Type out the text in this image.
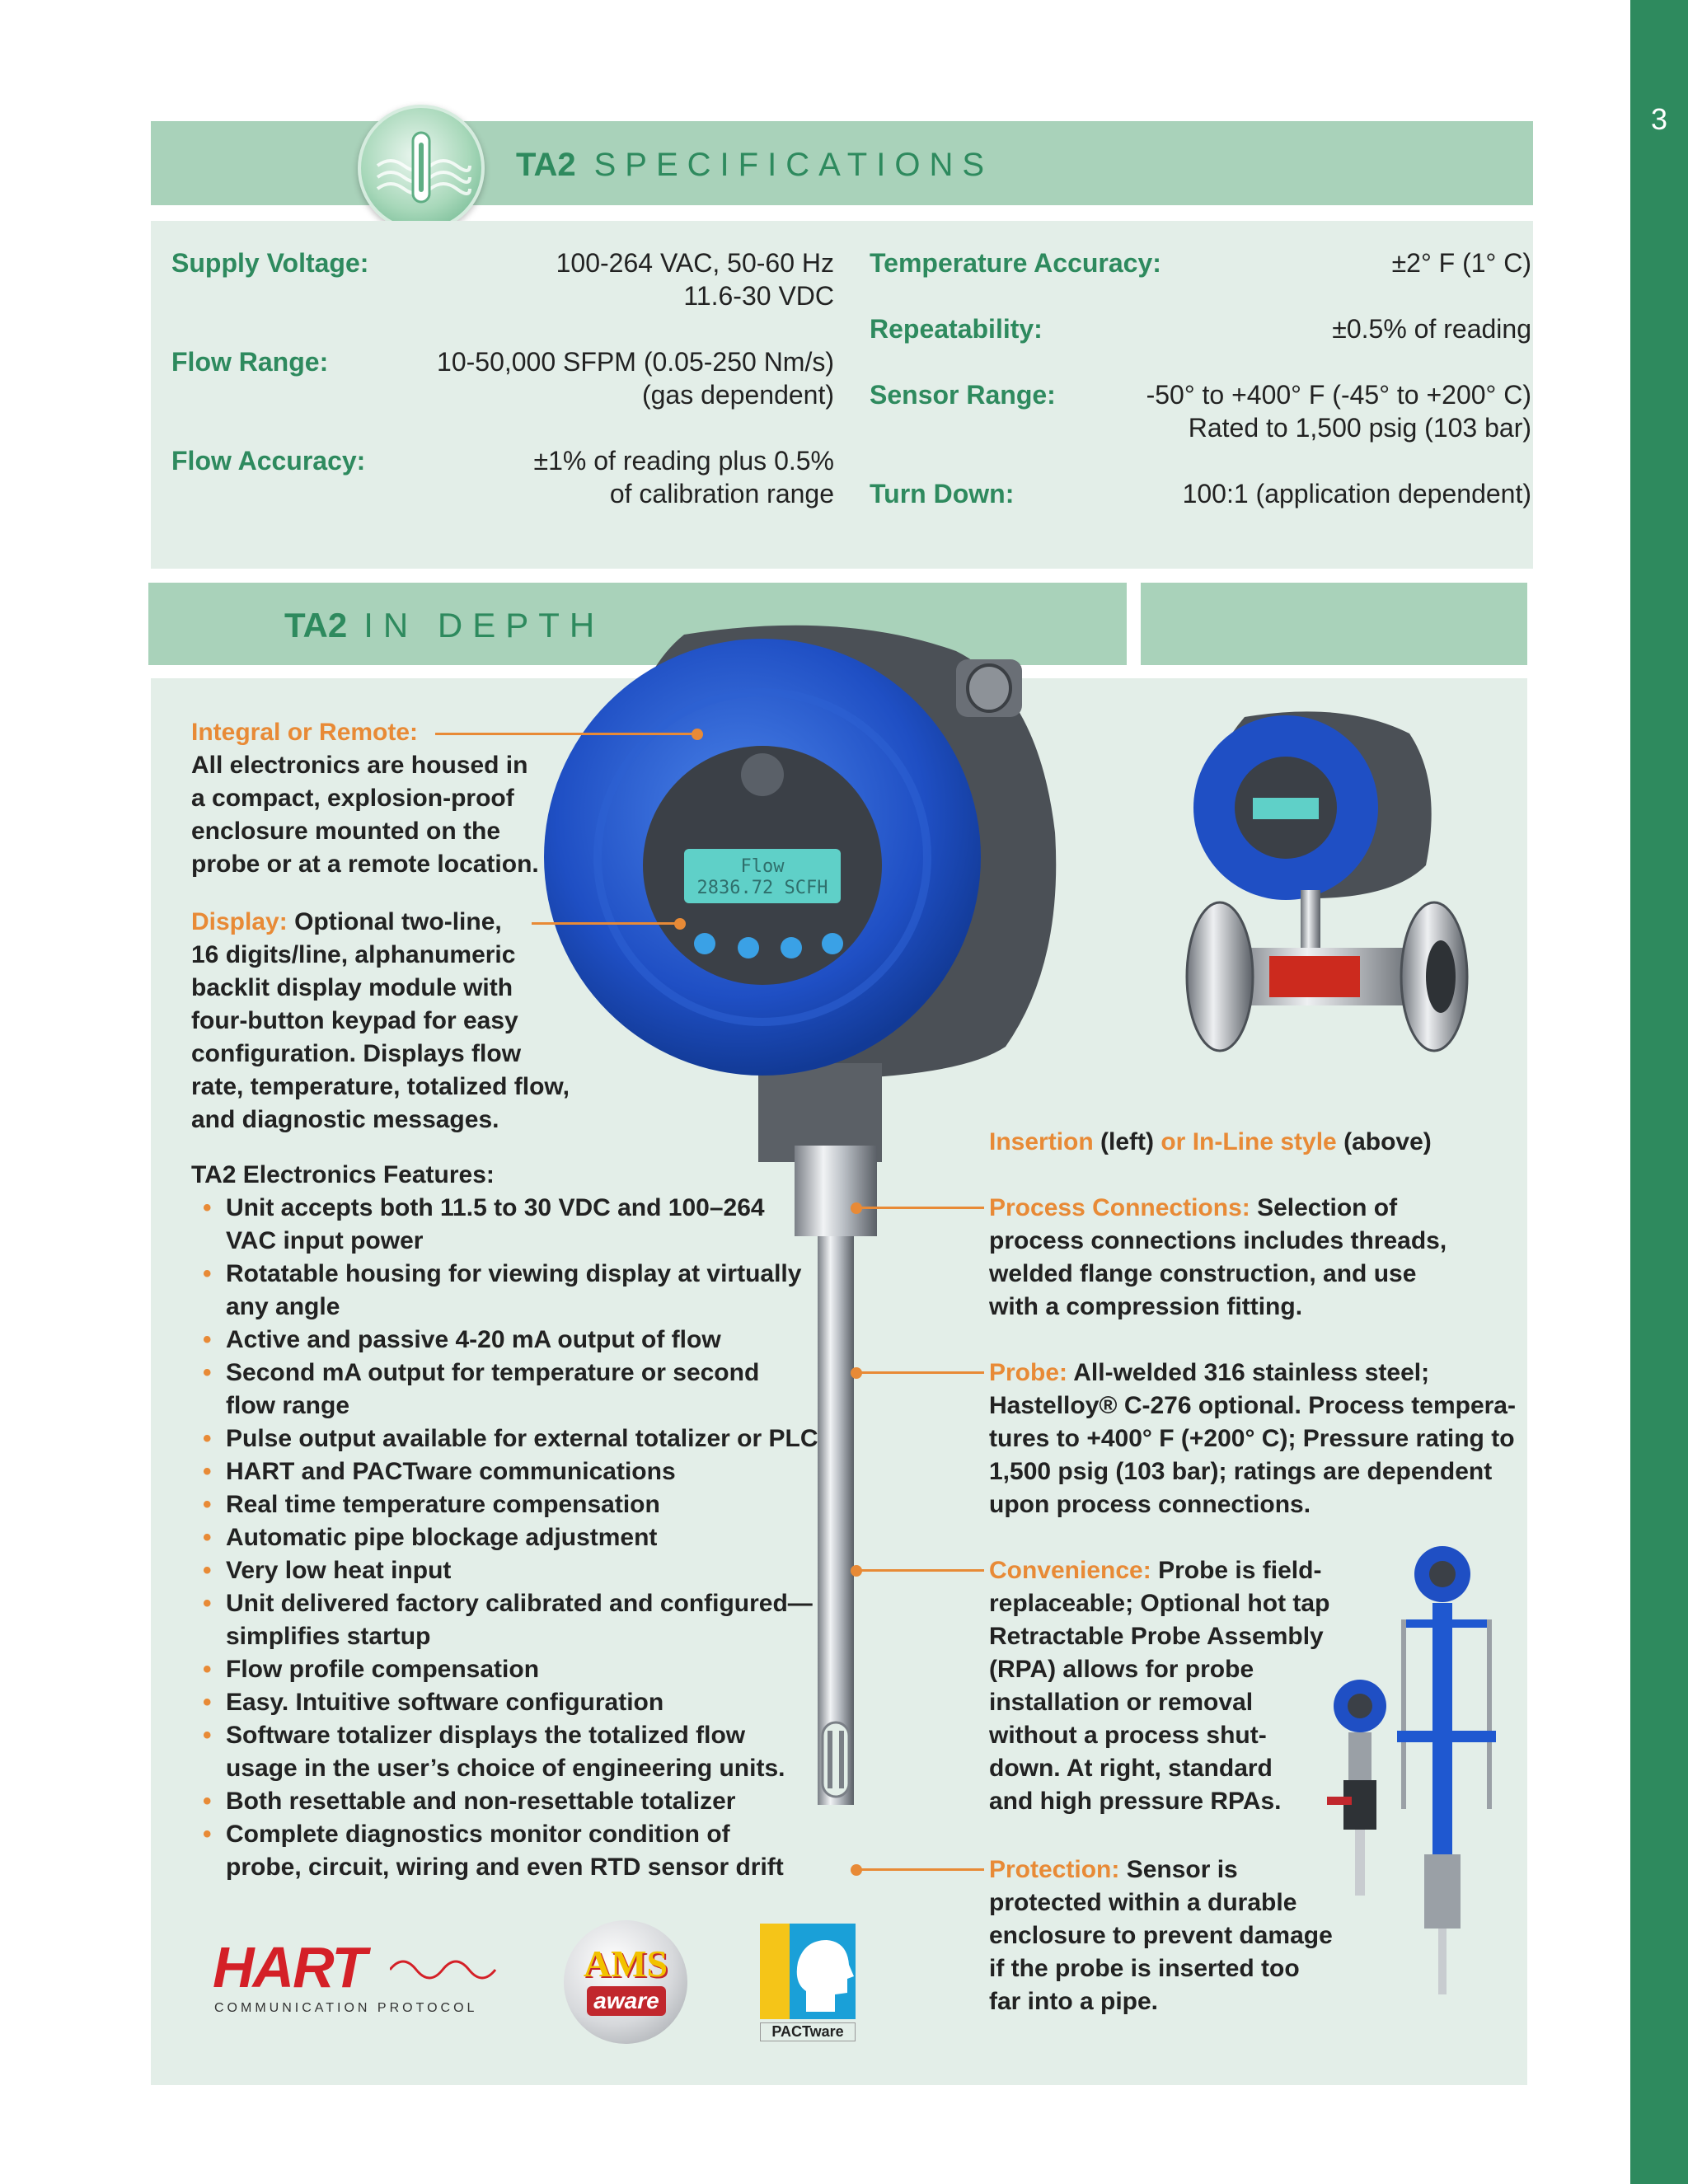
3
TA2 SPECIFICATIONS
Supply Voltage:	100-264 VAC, 50-60 Hz
11.6-30 VDC
Flow Range:	10-50,000 SFPM (0.05-250 Nm/s)
(gas dependent)
Flow Accuracy:	±1% of reading plus 0.5%
of calibration range
Temperature Accuracy:	±2° F (1° C)
Repeatability:	±0.5% of reading
Sensor Range:	-50° to +400° F (-45° to +200° C)
Rated to 1,500 psig (103 bar)
Turn Down:	100:1 (application dependent)
TA2 IN DEPTH
Flow
2836.72 SCFH
Integral or Remote:
All electronics are housed in
a compact, explosion-proof
enclosure mounted on the
probe or at a remote location.
Display: Optional two-line,
16 digits/line, alphanumeric
backlit display module with
four-button keypad for easy
configuration. Displays flow
rate, temperature, totalized flow,
and diagnostic messages.
TA2 Electronics Features:
• Unit accepts both 11.5 to 30 VDC and 100–264
VAC input power
• Rotatable housing for viewing display at virtually
any angle
• Active and passive 4-20 mA output of flow
• Second mA output for temperature or second
flow range
• Pulse output available for external totalizer or PLC
• HART and PACTware communications
• Real time temperature compensation
• Automatic pipe blockage adjustment
• Very low heat input
• Unit delivered factory calibrated and configured—
simplifies startup
• Flow profile compensation
• Easy. Intuitive software configuration
• Software totalizer displays the totalized flow
usage in the user’s choice of engineering units.
• Both resettable and non-resettable totalizer
• Complete diagnostics monitor condition of
probe, circuit, wiring and even RTD sensor drift
Insertion (left) or In-Line style (above)
Process Connections: Selection of
process connections includes threads,
welded flange construction, and use
with a compression fitting.
Probe: All-welded 316 stainless steel;
Hastelloy® C-276 optional. Process tempera-
tures to +400° F (+200° C); Pressure rating to
1,500 psig (103 bar); ratings are dependent
upon process connections.
Convenience: Probe is field-
replaceable; Optional hot tap
Retractable Probe Assembly
(RPA) allows for probe
installation or removal
without a process shut-
down. At right, standard
and high pressure RPAs.
Protection: Sensor is
protected within a durable
enclosure to prevent damage
if the probe is inserted too
far into a pipe.
HART
COMMUNICATION PROTOCOL
AMS
aware
PACTware
